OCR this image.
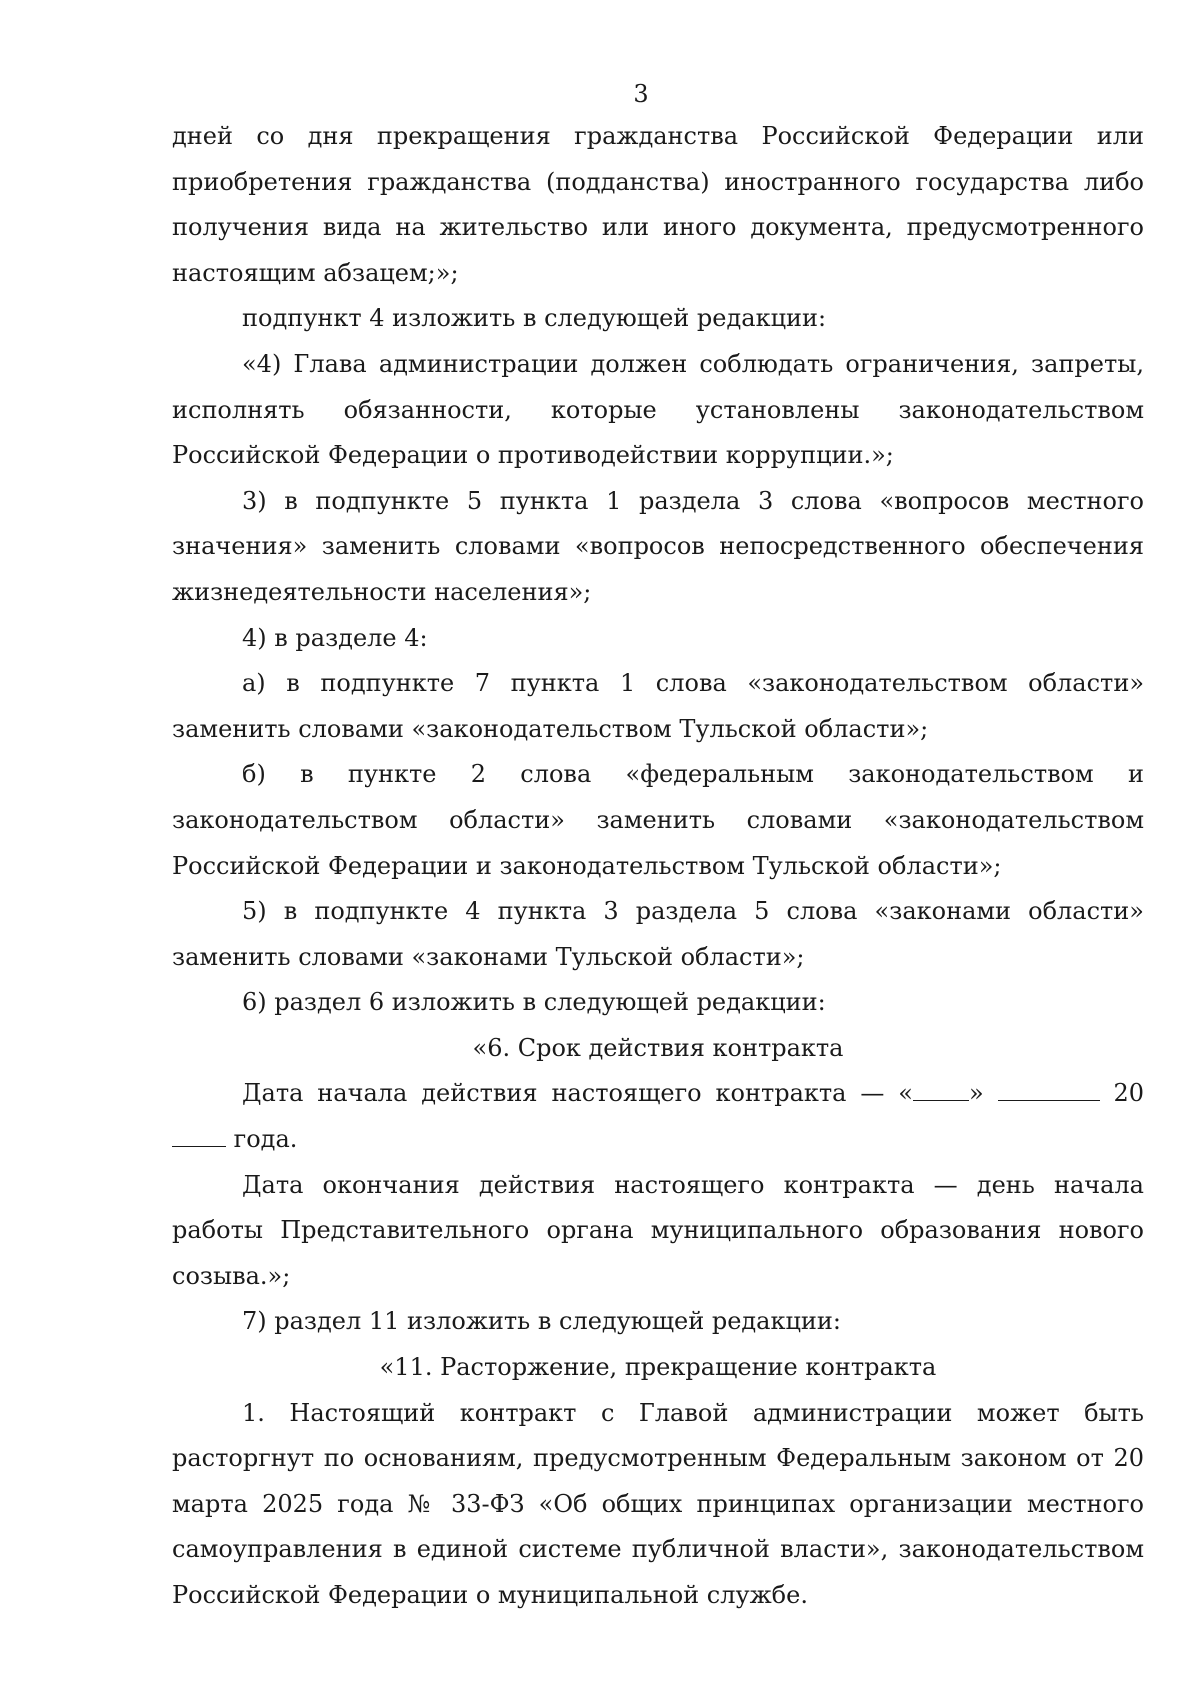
3

дней со дня прекращения гражданства Российской Федерации или приобретения гражданства (подданства) иностранного государства либо получения вида на жительство или иного документа, предусмотренного настоящим абзацем;»;

подпункт 4 изложить в следующей редакции:

«4) Глава администрации должен соблюдать ограничения, запреты, исполнять обязанности, которые установлены законодательством Российской Федерации о противодействии коррупции.»;

3) в подпункте 5 пункта 1 раздела 3 слова «вопросов местного значения» заменить словами «вопросов непосредственного обеспечения жизнедеятельности населения»;

4) в разделе 4:

а) в подпункте 7 пункта 1 слова «законодательством области» заменить словами «законодательством Тульской области»;

б) в пункте 2 слова «федеральным законодательством и законодательством области» заменить словами «законодательством Российской Федерации и законодательством Тульской области»;

5) в подпункте 4 пункта 3 раздела 5 слова «законами области» заменить словами «законами Тульской области»;

6) раздел 6 изложить в следующей редакции:

«6. Срок действия контракта

Дата начала действия настоящего контракта — « »	20 года.

Дата окончания действия настоящего контракта — день начала работы Представительного органа муниципального образования нового созыва.»;

7) раздел 11 изложить в следующей редакции:

«11. Расторжение, прекращение контракта

1. Настоящий контракт с Главой администрации может быть расторгнут по основаниям, предусмотренным Федеральным законом от 20 марта 2025 года № 33-ФЗ «Об общих принципах организации местного самоуправления в единой системе публичной власти», законодательством Российской Федерации о муниципальной службе.
